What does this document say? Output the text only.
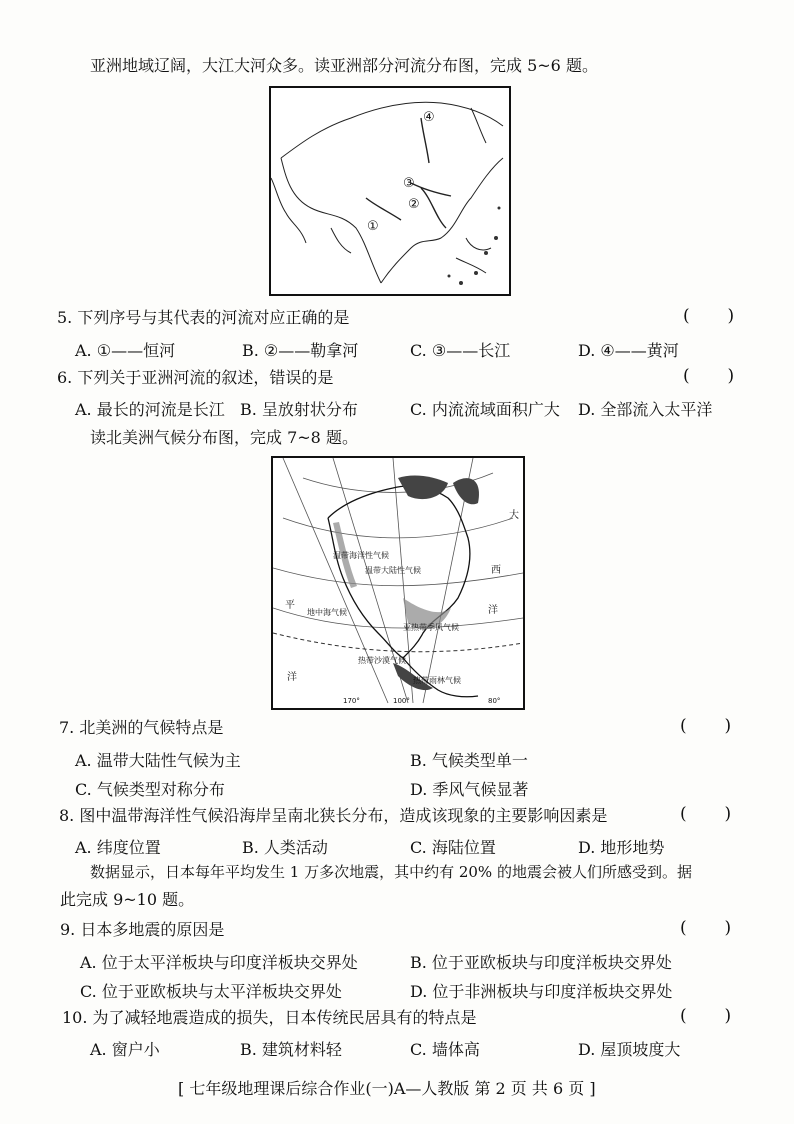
亚洲地域辽阔，大江大河众多。读亚洲部分河流分布图，完成 5~6 题。
①
②
③
④
5. 下列序号与其代表的河流对应正确的是	(       )
A. ①——恒河	B. ②——勒拿河	C. ③——长江	D. ④——黄河
6. 下列关于亚洲河流的叙述，错误的是	(       )
A. 最长的河流是长江 B. 呈放射状分布	C. 内流流域面积广大 D. 全部流入太平洋
读北美洲气候分布图，完成 7~8 题。
温带海洋性气候
温带大陆性气候
地中海气候
亚热带季风气候
热带雨林气候
热带沙漠气候
大
西
洋
平
洋
170°	100°	80°
7. 北美洲的气候特点是	(       )
A. 温带大陆性气候为主	B. 气候类型单一
C. 气候类型对称分布	D. 季风气候显著
8. 图中温带海洋性气候沿海岸呈南北狭长分布，造成该现象的主要影响因素是	(       )
A. 纬度位置	B. 人类活动	C. 海陆位置	D. 地形地势
数据显示，日本每年平均发生 1 万多次地震，其中约有 20% 的地震会被人们所感受到。据
此完成 9~10 题。
9. 日本多地震的原因是	(       )
A. 位于太平洋板块与印度洋板块交界处	B. 位于亚欧板块与印度洋板块交界处
C. 位于亚欧板块与太平洋板块交界处	D. 位于非洲板块与印度洋板块交界处
10. 为了减轻地震造成的损失，日本传统民居具有的特点是	(       )
A. 窗户小	B. 建筑材料轻	C. 墙体高	D. 屋顶坡度大
[ 七年级地理课后综合作业(一)A—人教版 第 2 页 共 6 页 ]
